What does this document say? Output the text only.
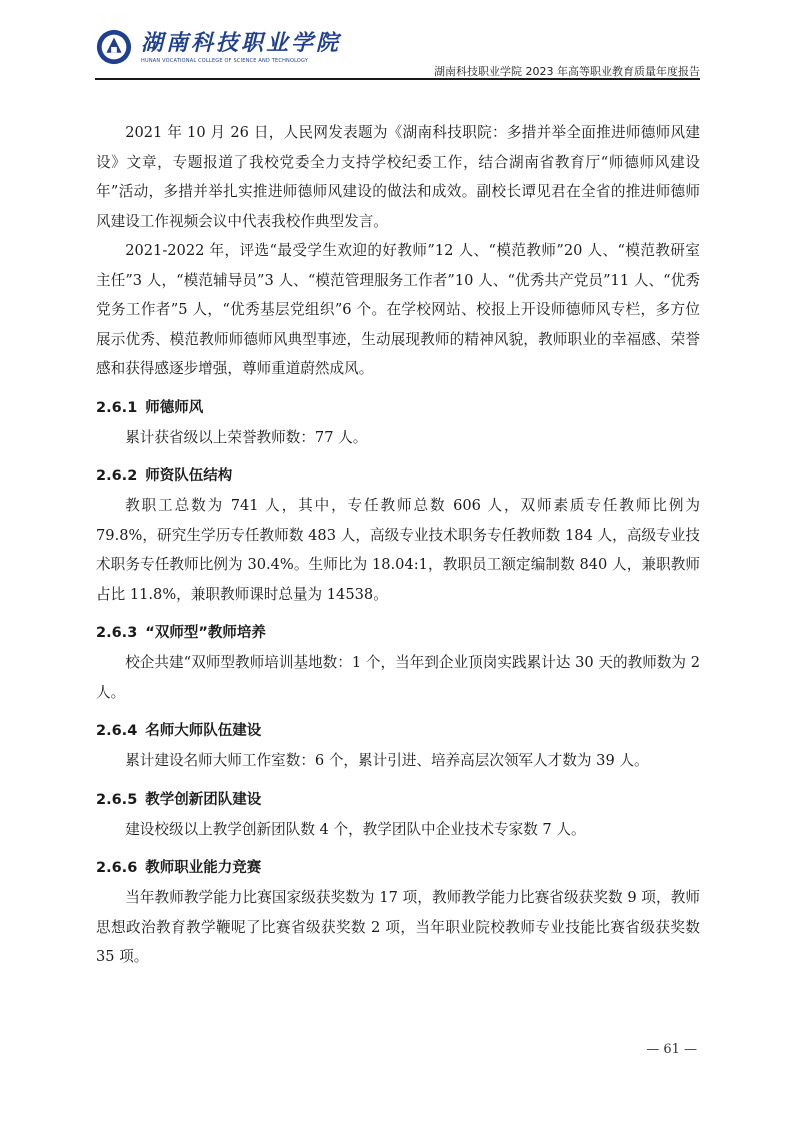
湖南科技职业学院
HUNAN VOCATIONAL COLLEGE OF SCIENCE AND TECHNOLOGY
湖南科技职业学院 2023 年高等职业教育质量年度报告

2021 年 10 月 26 日，人民网发表题为《湖南科技职院：多措并举全面推进师德师风建设》文章，专题报道了我校党委全力支持学校纪委工作，结合湖南省教育厅“师德师风建设年”活动，多措并举扎实推进师德师风建设的做法和成效。副校长谭见君在全省的推进师德师风建设工作视频会议中代表我校作典型发言。

2021-2022 年，评选“最受学生欢迎的好教师”12 人、“模范教师”20 人、“模范教研室主任”3 人，“模范辅导员”3 人、“模范管理服务工作者”10 人、“优秀共产党员”11 人、“优秀党务工作者”5 人，“优秀基层党组织”6 个。在学校网站、校报上开设师德师风专栏，多方位展示优秀、模范教师师德师风典型事迹，生动展现教师的精神风貌，教师职业的幸福感、荣誉感和获得感逐步增强，尊师重道蔚然成风。

2.6.1 师德师风

累计获省级以上荣誉教师数：77 人。

2.6.2 师资队伍结构

教职工总数为 741 人，其中，专任教师总数 606 人，双师素质专任教师比例为 79.8%，研究生学历专任教师数 483 人，高级专业技术职务专任教师数 184 人，高级专业技术职务专任教师比例为 30.4%。生师比为 18.04:1，教职员工额定编制数 840 人，兼职教师占比 11.8%，兼职教师课时总量为 14538。

2.6.3 “双师型”教师培养

校企共建“双师型教师培训基地数：1 个，当年到企业顶岗实践累计达 30 天的教师数为 2 人。

2.6.4 名师大师队伍建设

累计建设名师大师工作室数：6 个，累计引进、培养高层次领军人才数为 39 人。

2.6.5 教学创新团队建设

建设校级以上教学创新团队数 4 个，教学团队中企业技术专家数 7 人。

2.6.6 教师职业能力竞赛

当年教师教学能力比赛国家级获奖数为 17 项，教师教学能力比赛省级获奖数 9 项，教师思想政治教育教学鞭呢了比赛省级获奖数 2 项，当年职业院校教师专业技能比赛省级获奖数 35 项。

— 61 —
